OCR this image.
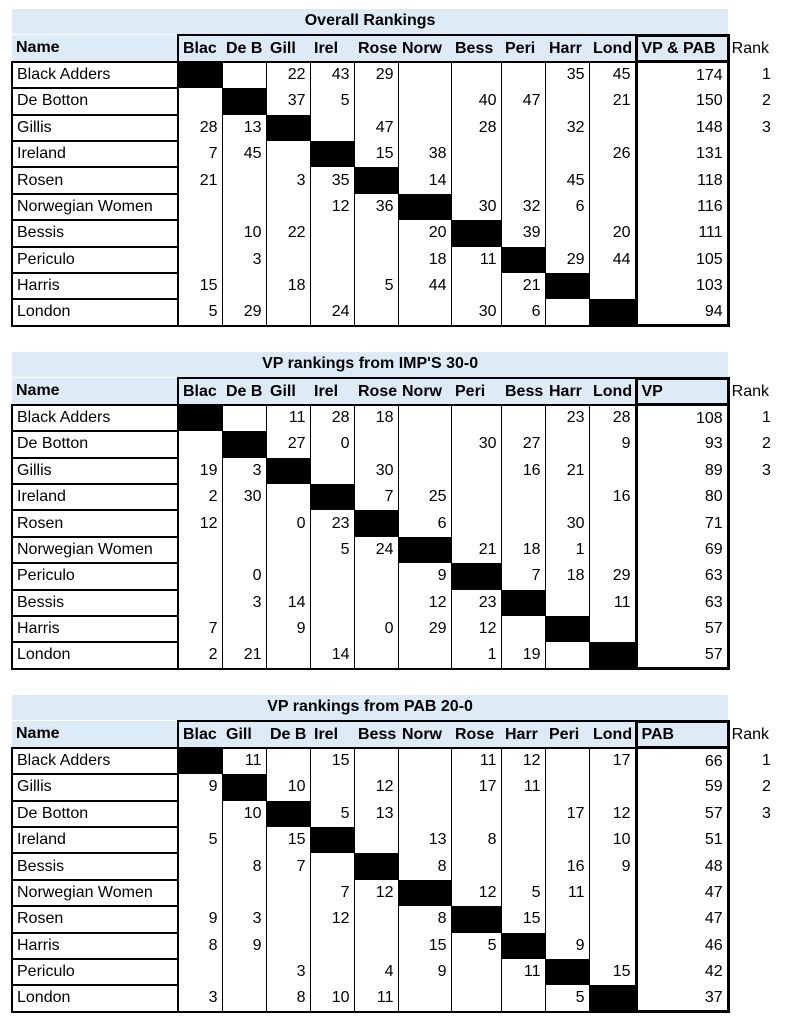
Overall Rankings												
Name	Blac	De B	Gill	Irel	Rose	Norw	Bess	Peri	Harr	Lond	VP & PAB	Rank
Black Adders			22	43	29				35	45	174	1
De Botton			37	5			40	47		21	150	2
Gillis	28	13			47		28		32		148	3
Ireland	7	45			15	38				26	131	
Rosen	21		3	35		14			45		118	
Norwegian Women				12	36		30	32	6		116	
Bessis		10	22			20		39		20	111	
Periculo		3				18	11		29	44	105	
Harris	15		18		5	44		21			103	
London	5	29		24			30	6			94	
VP rankings from IMP'S 30-0												
Name	Blac	De B	Gill	Irel	Rose	Norw	Peri	Bess	Harr	Lond	VP	Rank
Black Adders			11	28	18				23	28	108	1
De Botton			27	0			30	27		9	93	2
Gillis	19	3			30			16	21		89	3
Ireland	2	30			7	25				16	80	
Rosen	12		0	23		6			30		71	
Norwegian Women				5	24		21	18	1		69	
Periculo		0				9		7	18	29	63	
Bessis		3	14			12	23			11	63	
Harris	7		9		0	29	12				57	
London	2	21		14			1	19			57	
VP rankings from PAB 20-0												
Name	Blac	Gill	De B	Irel	Bess	Norw	Rose	Harr	Peri	Lond	PAB	Rank
Black Adders		11		15			11	12		17	66	1
Gillis	9		10		12		17	11			59	2
De Botton		10		5	13				17	12	57	3
Ireland	5		15			13	8			10	51	
Bessis		8	7			8			16	9	48	
Norwegian Women				7	12		12	5	11		47	
Rosen	9	3		12		8		15			47	
Harris	8	9				15	5		9		46	
Periculo			3		4	9		11		15	42	
London	3		8	10	11				5		37	
